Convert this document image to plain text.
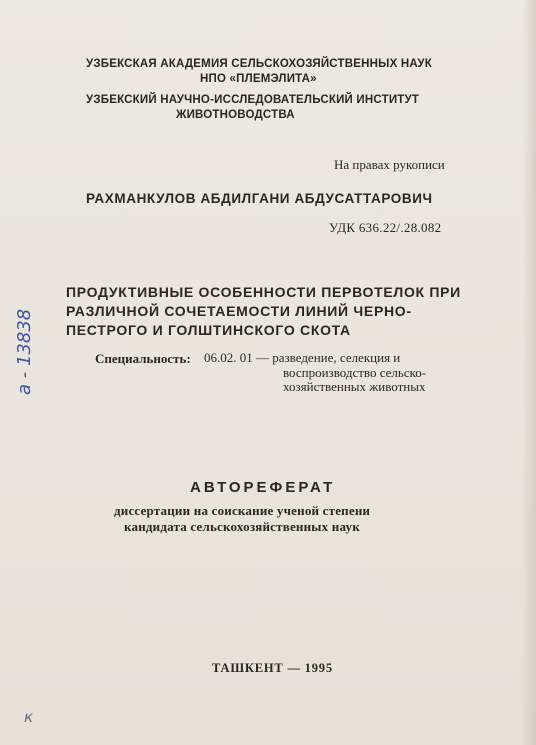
УЗБЕКСКАЯ АКАДЕМИЯ СЕЛЬСКОХОЗЯЙСТВЕННЫХ НАУК

НПО «ПЛЕМЭЛИТА»

УЗБЕКСКИЙ НАУЧНО-ИССЛЕДОВАТЕЛЬСКИЙ ИНСТИТУТ

ЖИВОТНОВОДСТВА

На правах рукописи

РАХМАНКУЛОВ АБДИЛГАНИ АБДУСАТТАРОВИЧ

УДК 636.22/.28.082

ПРОДУКТИВНЫЕ ОСОБЕННОСТИ ПЕРВОТЕЛОК ПРИ

РАЗЛИЧНОЙ СОЧЕТАЕМОСТИ ЛИНИЙ ЧЕРНО-

ПЕСТРОГО И ГОЛШТИНСКОГО СКОТА

Специальность: 06.02. 01 — разведение, селекция и

воспроизводство сельско-

хозяйственных животных

АВТОРЕФЕРАТ

диссертации на соискание ученой степени

кандидата сельскохозяйственных наук

ТАШКЕНТ — 1995

а - 13838
к
